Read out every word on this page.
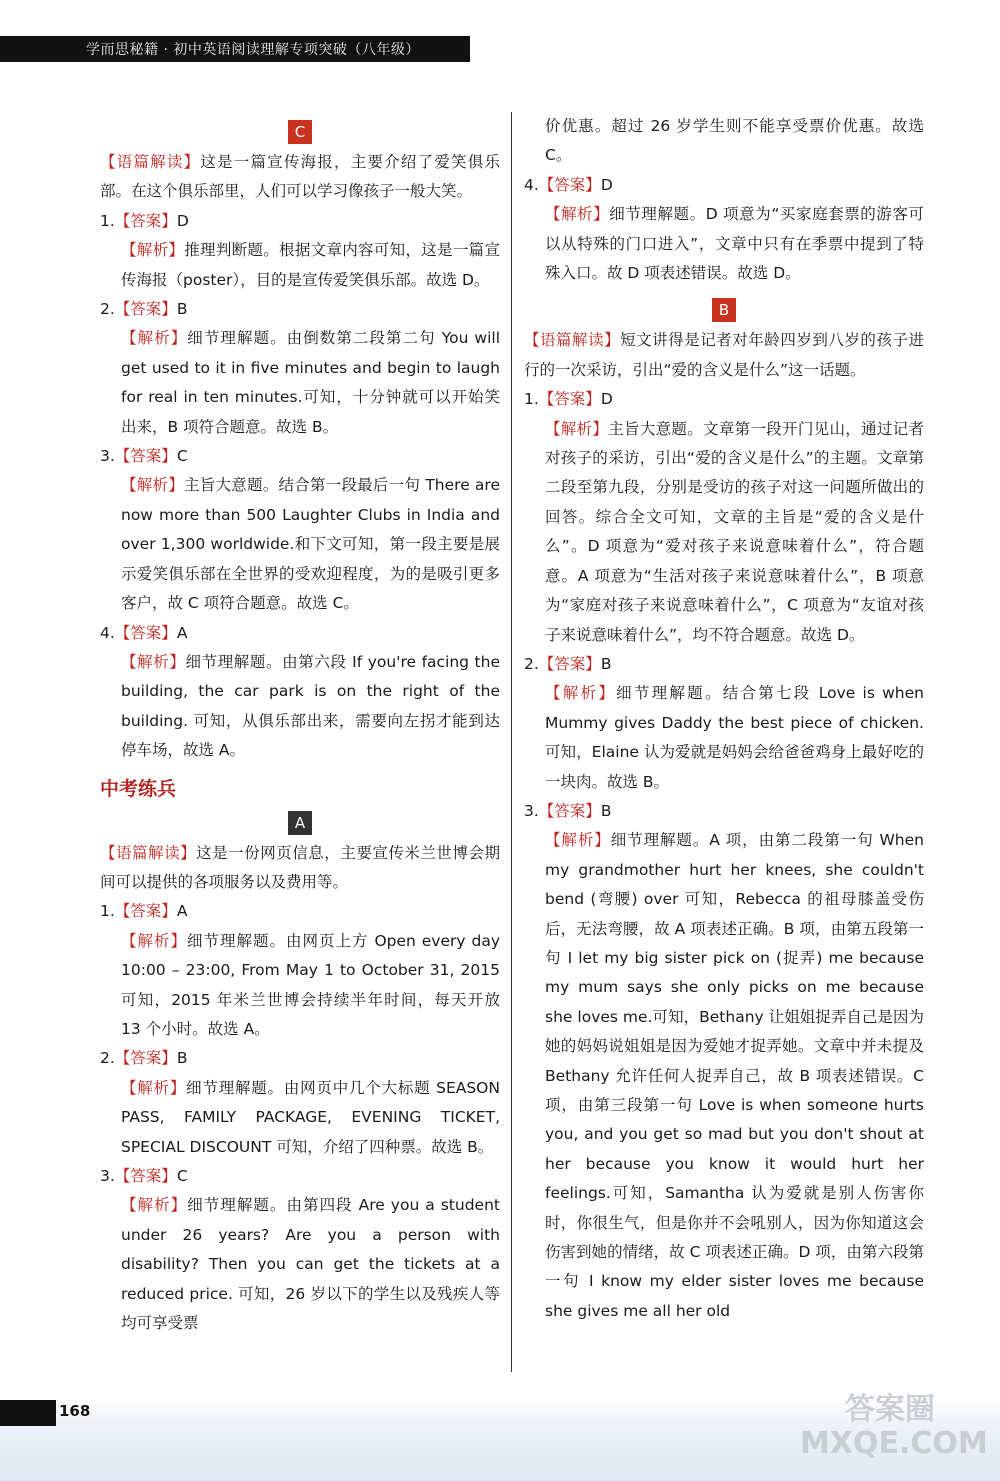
学而思秘籍 · 初中英语阅读理解专项突破（八年级）
C

【语篇解读】这是一篇宣传海报，主要介绍了爱笑俱乐部。在这个俱乐部里，人们可以学习像孩子一般大笑。

1.【答案】D

【解析】推理判断题。根据文章内容可知，这是一篇宣传海报（poster），目的是宣传爱笑俱乐部。故选 D。

2.【答案】B

【解析】细节理解题。由倒数第二段第二句 You will get used to it in five minutes and begin to laugh for real in ten minutes.可知，十分钟就可以开始笑出来，B 项符合题意。故选 B。

3.【答案】C

【解析】主旨大意题。结合第一段最后一句 There are now more than 500 Laughter Clubs in India and over 1,300 worldwide.和下文可知，第一段主要是展示爱笑俱乐部在全世界的受欢迎程度，为的是吸引更多客户，故 C 项符合题意。故选 C。

4.【答案】A

【解析】细节理解题。由第六段 If you're facing the building, the car park is on the right of the building. 可知，从俱乐部出来，需要向左拐才能到达停车场，故选 A。

中考练兵
A

【语篇解读】这是一份网页信息，主要宣传米兰世博会期间可以提供的各项服务以及费用等。

1.【答案】A

【解析】细节理解题。由网页上方 Open every day 10:00 – 23:00, From May 1 to October 31, 2015 可知，2015 年米兰世博会持续半年时间，每天开放 13 个小时。故选 A。

2.【答案】B

【解析】细节理解题。由网页中几个大标题 SEASON PASS, FAMILY PACKAGE, EVENING TICKET, SPECIAL DISCOUNT 可知，介绍了四种票。故选 B。

3.【答案】C

【解析】细节理解题。由第四段 Are you a student under 26 years? Are you a person with disability? Then you can get the tickets at a reduced price. 可知，26 岁以下的学生以及残疾人等均可享受票

价优惠。超过 26 岁学生则不能享受票价优惠。故选 C。

4.【答案】D

【解析】细节理解题。D 项意为“买家庭套票的游客可以从特殊的门口进入”，文章中只有在季票中提到了特殊入口。故 D 项表述错误。故选 D。

B

【语篇解读】短文讲得是记者对年龄四岁到八岁的孩子进行的一次采访，引出“爱的含义是什么”这一话题。

1.【答案】D

【解析】主旨大意题。文章第一段开门见山，通过记者对孩子的采访，引出“爱的含义是什么”的主题。文章第二段至第九段，分别是受访的孩子对这一问题所做出的回答。综合全文可知，文章的主旨是“爱的含义是什么”。D 项意为“爱对孩子来说意味着什么”，符合题意。A 项意为“生活对孩子来说意味着什么”，B 项意为“家庭对孩子来说意味着什么”，C 项意为“友谊对孩子来说意味着什么”，均不符合题意。故选 D。

2.【答案】B

【解析】细节理解题。结合第七段 Love is when Mummy gives Daddy the best piece of chicken. 可知，Elaine 认为爱就是妈妈会给爸爸鸡身上最好吃的一块肉。故选 B。

3.【答案】B

【解析】细节理解题。A 项，由第二段第一句 When my grandmother hurt her knees, she couldn't bend (弯腰) over 可知，Rebecca 的祖母膝盖受伤后，无法弯腰，故 A 项表述正确。B 项，由第五段第一句 I let my big sister pick on (捉弄) me because my mum says she only picks on me because she loves me.可知，Bethany 让姐姐捉弄自己是因为她的妈妈说姐姐是因为爱她才捉弄她。文章中并未提及 Bethany 允许任何人捉弄自己，故 B 项表述错误。C 项，由第三段第一句 Love is when someone hurts you, and you get so mad but you don't shout at her because you know it would hurt her feelings.可知，Samantha 认为爱就是别人伤害你时，你很生气，但是你并不会吼别人，因为你知道这会伤害到她的情绪，故 C 项表述正确。D 项，由第六段第一句 I know my elder sister loves me because she gives me all her old

168	答案圈
MXQE.COM
